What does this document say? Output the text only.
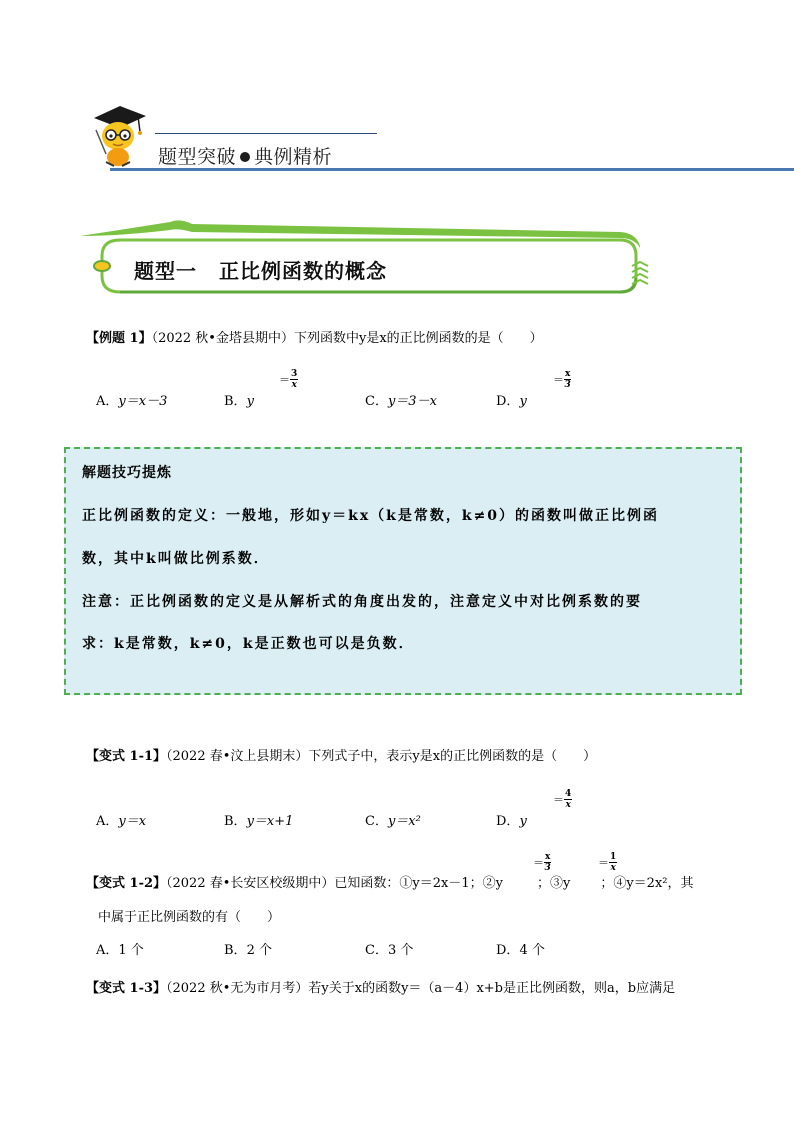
题型突破 典例精析
题型一 正比例函数的概念
【例题 1】（2022 秋•金塔县期中）下列函数中y是x的正比例函数的是（　　）
A．y＝x－3	B．y
＝ $\frac{3}{x}$
C．y＝3－x	D．y
＝ $\frac{x}{3}$
解题技巧提炼
正比例函数的定义：一般地，形如y＝kx（k是常数，k≠0）的函数叫做正比例函
数，其中k叫做比例系数．
注意：正比例函数的定义是从解析式的角度出发的，注意定义中对比例系数的要
求：k是常数，k≠0，k是正数也可以是负数．
【变式 1-1】（2022 春•汶上县期末）下列式子中，表示y是x的正比例函数的是（　　）
A．y＝x	B．y＝x+1	C．y＝x²	D．y
＝ $\frac{4}{x}$
【变式 1-2】（2022 春•长安区校级期中）已知函数：①y＝2x－1；②y	；③y ；④y＝2x²，其
＝ $\frac{x}{3}$	＝ $\frac{1}{x}$
中属于正比例函数的有（　　）
A．1 个	B．2 个	C．3 个	D．4 个
【变式 1-3】（2022 秋•无为市月考）若y关于x的函数y＝（a－4）x+b是正比例函数，则a，b应满足
